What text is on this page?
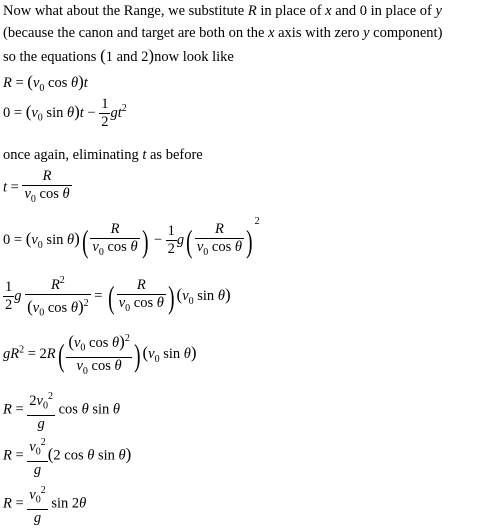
Now what about the Range, we substitute R in place of x and 0 in place of y
(because the canon and target are both on the x axis with zero y component)
so the equations (1 and 2)now look like
$R = (v_0$ cos θ)t
$0 = (v_0$ $\sin \theta)t - \frac{1}{2} gt^2$
once again, eliminating t as before
$t = \frac{R}{v_0 \cos \theta}$
$0 = (v_0$ $\sin \theta)( \frac{R}{v_0 \cos \theta}$ ) − $\frac{1}{2} g( \frac{R}{v_0 \cos \theta} )^2$
$\frac{1}{2}$ g $\frac{R^2}{(v_0 \cos \theta)^2}$ = ( $\frac{R}{v_0 \cos \theta}$ ) ($v_0$ sin θ)
$gR^2 = 2R( \frac{(v_0 \cos \theta)^2}{v_0 \cos \theta}$ ) ($v_0$ sin θ)
$R = \frac{2v_0^2}{g}$ cos θ sin θ
$R = \frac{v_0^2}{g} (2$ cos θ sin θ)
$R = \frac{v_0^2}{g}$ sin 2θ
